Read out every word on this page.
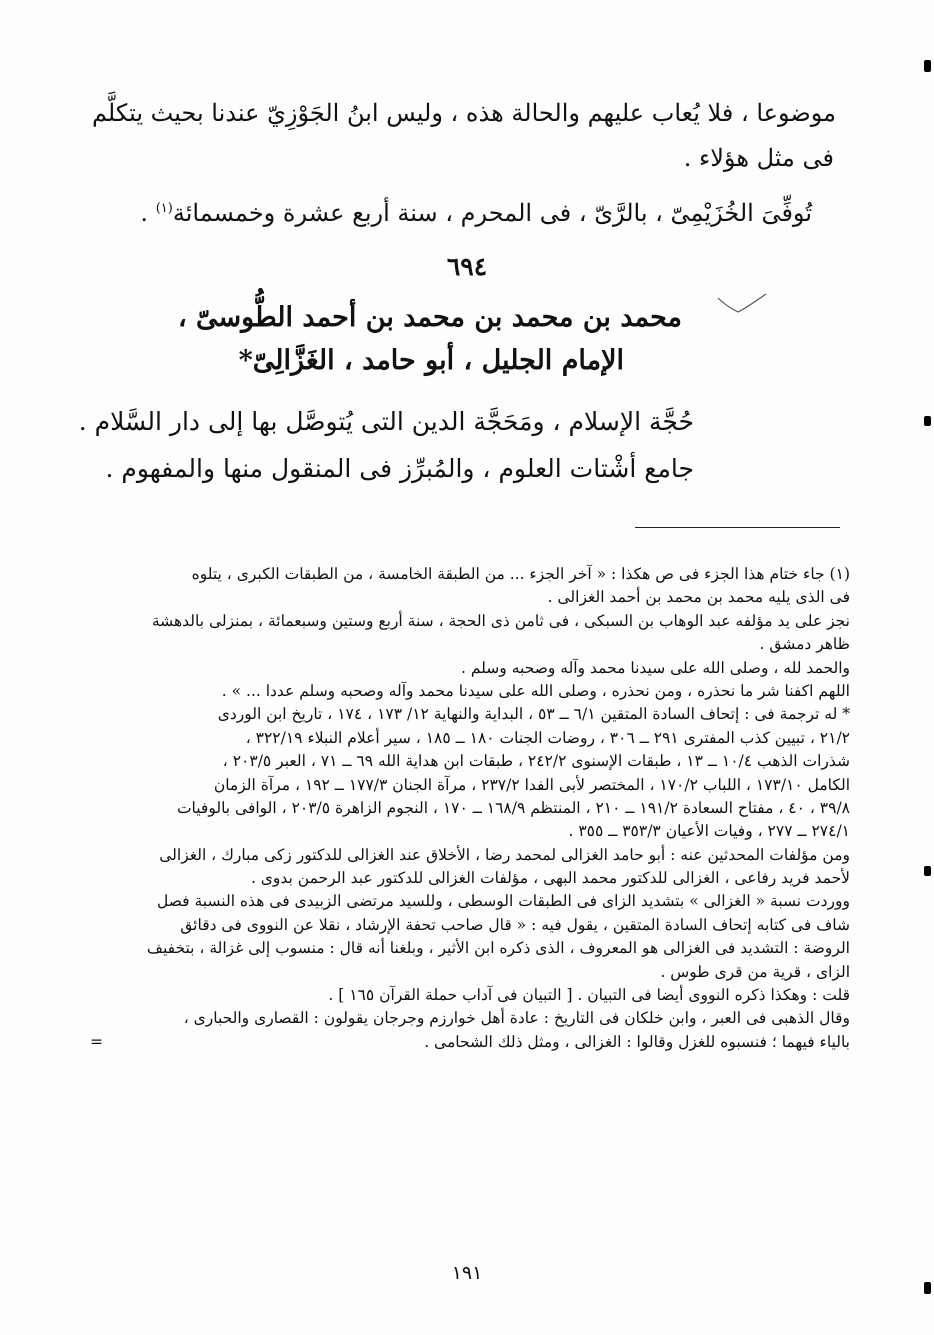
موضوعا ، فلا يُعاب عليهم والحالة هذه ، وليس ابنُ الجَوْزِيّ عندنا بحيث يتكلَّم
فى مثل هؤلاء .
تُوفِّىَ الخُزَيْمِىّ ، بالرَّىّ ، فى المحرم ، سنة أربع عشرة وخمسمائة$^{(١)}$ .
٦٩٤
محمد بن محمد بن محمد بن أحمد الطُّوسىّ ،
الإمام الجليل ، أبو حامد ، الغَزَّالِىّ*
حُجَّة الإسلام ، ومَحَجَّة الدين التى يُتوصَّل بها إلى دار السَّلام .
جامع أشْتات العلوم ، والمُبرِّز فى المنقول منها والمفهوم .
(١) جاء ختام هذا الجزء فى ص هكذا : « آخر الجزء ... من الطبقة الخامسة ، من الطبقات الكبرى ، يتلوه
فى الذى يليه محمد بن محمد بن أحمد الغزالى .
نجز على يد مؤلفه عبد الوهاب بن السبكى ، فى ثامن ذى الحجة ، سنة أربع وستين وسبعمائة ، بمنزلى بالدهشة
ظاهر دمشق .
والحمد لله ، وصلى الله على سيدنا محمد وآله وصحبه وسلم .
اللهم اكفنا شر ما نحذره ، ومن نحذره ، وصلى الله على سيدنا محمد وآله وصحبه وسلم عددا ... » .
* له ترجمة فى : إتحاف السادة المتقين ٦/١ ــ ٥٣ ، البداية والنهاية ١٢/ ١٧٣ ، ١٧٤ ، تاريخ ابن الوردى
٢١/٢ ، تبيين كذب المفترى ٢٩١ ــ ٣٠٦ ، روضات الجنات ١٨٠ ــ ١٨٥ ، سير أعلام النبلاء ٣٢٢/١٩ ،
شذرات الذهب ١٠/٤ ــ ١٣ ، طبقات الإسنوى ٢٤٢/٢ ، طبقات ابن هداية الله ٦٩ ــ ٧١ ، العبر ٢٠٣/٥ ،
الكامل ١٧٣/١٠ ، اللباب ١٧٠/٢ ، المختصر لأبى الفدا ٢٣٧/٢ ، مرآة الجنان ١٧٧/٣ ــ ١٩٢ ، مرآة الزمان
٣٩/٨ ، ٤٠ ، مفتاح السعادة ١٩١/٢ ــ ٢١٠ ، المنتظم ١٦٨/٩ ــ ١٧٠ ، النجوم الزاهرة ٢٠٣/٥ ، الوافى بالوفيات
٢٧٤/١ ــ ٢٧٧ ، وفيات الأعيان ٣٥٣/٣ ــ ٣٥٥ .
ومن مؤلفات المحدثين عنه : أبو حامد الغزالى لمحمد رضا ، الأخلاق عند الغزالى للدكتور زكى مبارك ، الغزالى
لأحمد فريد رفاعى ، الغزالى للدكتور محمد البهى ، مؤلفات الغزالى للدكتور عبد الرحمن بدوى .
ووردت نسبة « الغزالى » بتشديد الزاى فى الطبقات الوسطى ، وللسيد مرتضى الزبيدى فى هذه النسبة فصل
شاف فى كتابه إتحاف السادة المتقين ، يقول فيه : « قال صاحب تحفة الإرشاد ، نقلا عن النووى فى دقائق
الروضة : التشديد فى الغزالى هو المعروف ، الذى ذكره ابن الأثير ، وبلغنا أنه قال : منسوب إلى غزالة ، بتخفيف
الزاى ، قرية من قرى طوس .
قلت : وهكذا ذكره النووى أيضا فى التبيان . [ التبيان فى آداب حملة القرآن ١٦٥ ] .
وقال الذهبى فى العبر ، وابن خلكان فى التاريخ : عادة أهل خوارزم وجرجان يقولون : القصارى والحبارى ،
بالياء فيهما ؛ فنسبوه للغزل وقالوا : الغزالى ، ومثل ذلك الشحامى .
=
١٩١
